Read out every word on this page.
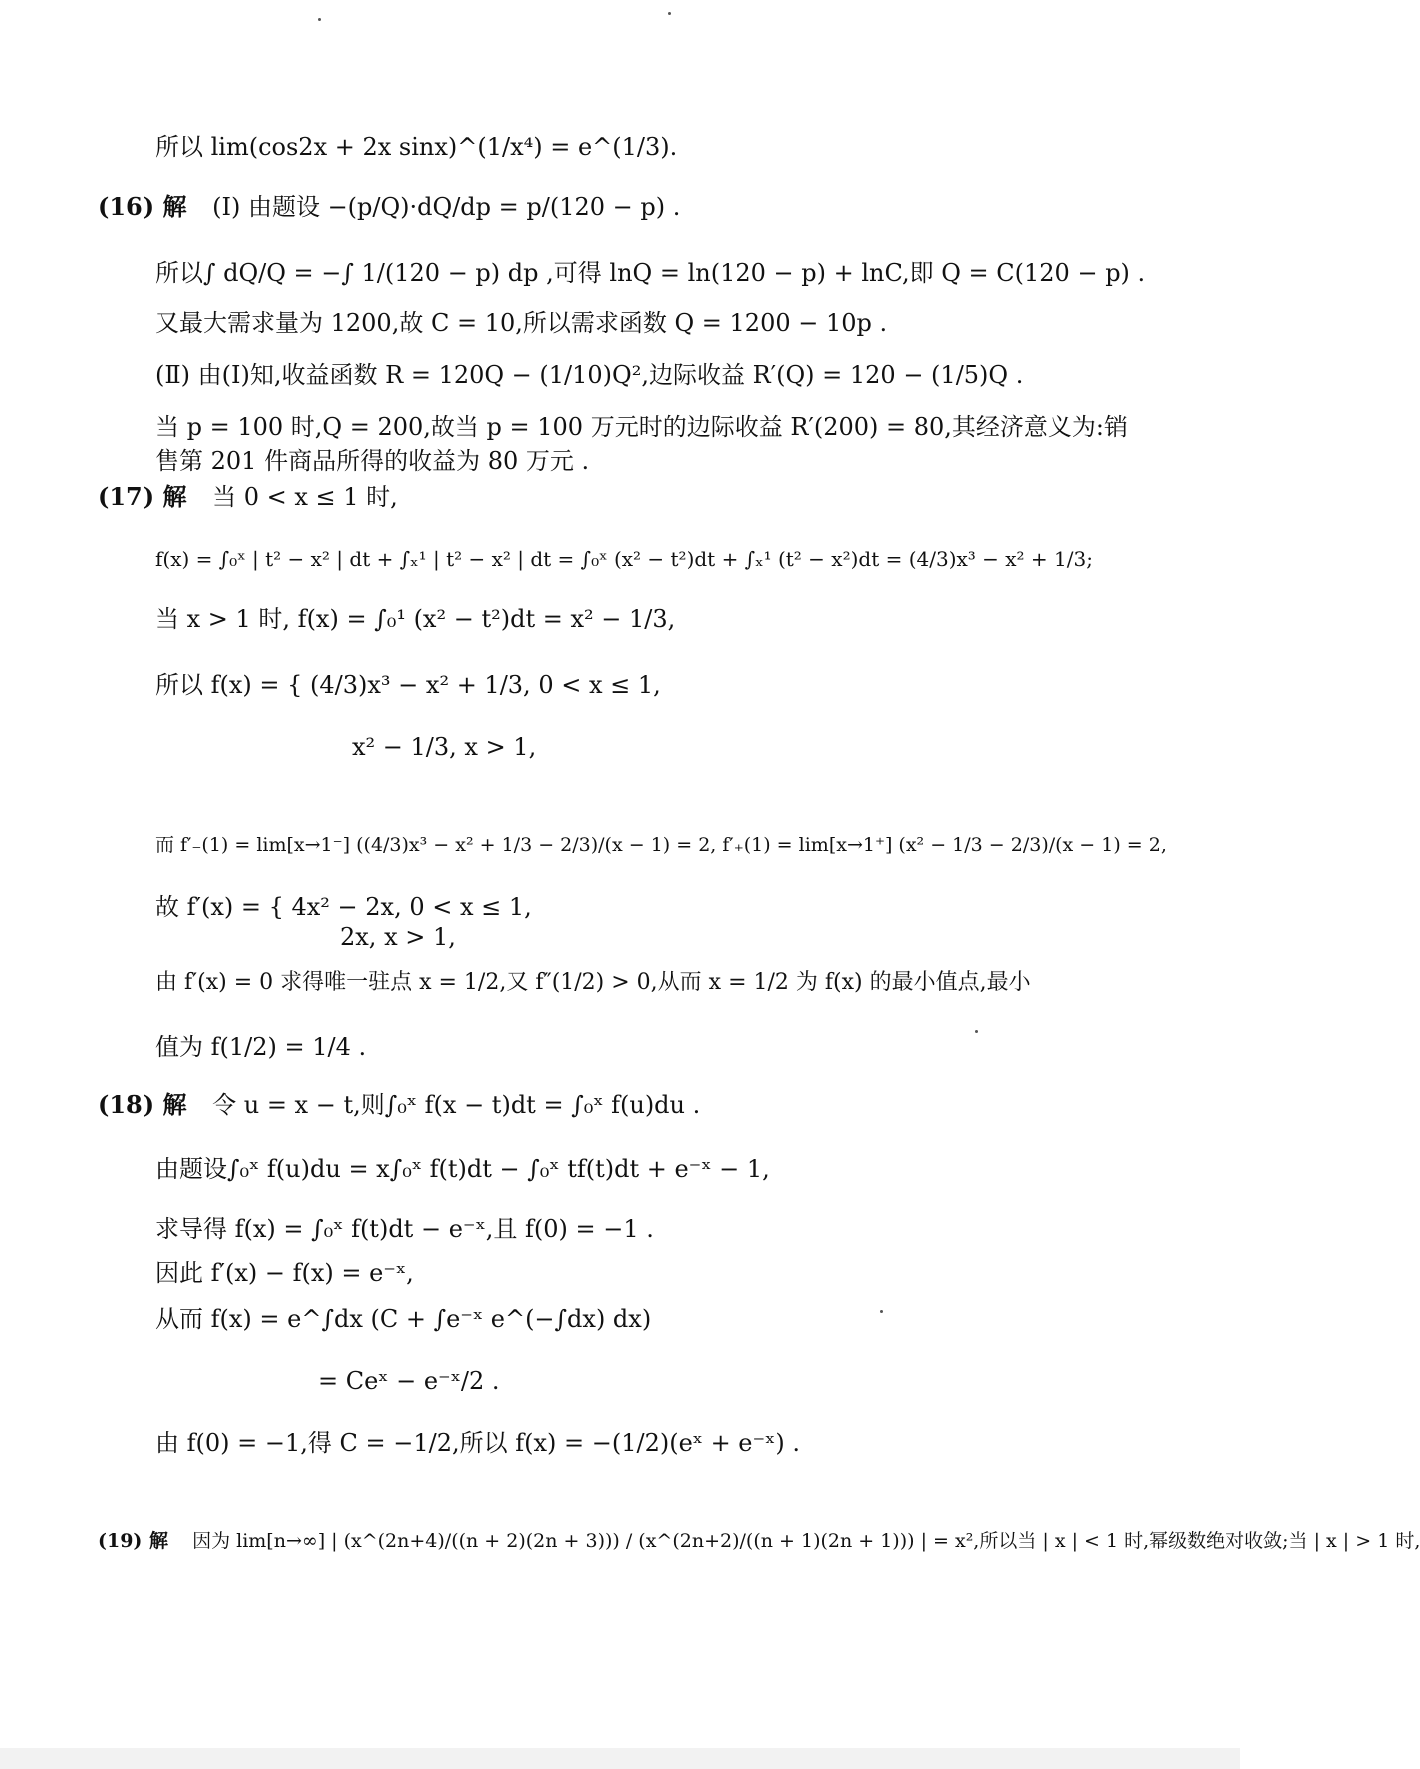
所以 lim(cos2x + 2x sinx)^(1/x⁴) = e^(1/3).
(16) 解 (Ⅰ) 由题设 −(p/Q)·dQ/dp = p/(120 − p) .
所以∫ dQ/Q = −∫ 1/(120 − p) dp ,可得 lnQ = ln(120 − p) + lnC,即 Q = C(120 − p) .
又最大需求量为 1200,故 C = 10,所以需求函数 Q = 1200 − 10p .
(Ⅱ) 由(Ⅰ)知,收益函数 R = 120Q − (1/10)Q²,边际收益 R′(Q) = 120 − (1/5)Q .
当 p = 100 时,Q = 200,故当 p = 100 万元时的边际收益 R′(200) = 80,其经济意义为:销
售第 201 件商品所得的收益为 80 万元 .
(17) 解 当 0 < x ≤ 1 时,
f(x) = ∫₀ˣ | t² − x² | dt + ∫ₓ¹ | t² − x² | dt = ∫₀ˣ (x² − t²)dt + ∫ₓ¹ (t² − x²)dt = (4/3)x³ − x² + 1/3;
当 x > 1 时, f(x) = ∫₀¹ (x² − t²)dt = x² − 1/3,
所以 f(x) = { (4/3)x³ − x² + 1/3, 0 < x ≤ 1,
x² − 1/3, x > 1,
而 f′₋(1) = lim[x→1⁻] ((4/3)x³ − x² + 1/3 − 2/3)/(x − 1) = 2, f′₊(1) = lim[x→1⁺] (x² − 1/3 − 2/3)/(x − 1) = 2,
故 f′(x) = { 4x² − 2x, 0 < x ≤ 1,
2x, x > 1,
由 f′(x) = 0 求得唯一驻点 x = 1/2,又 f″(1/2) > 0,从而 x = 1/2 为 f(x) 的最小值点,最小
值为 f(1/2) = 1/4 .
(18) 解 令 u = x − t,则∫₀ˣ f(x − t)dt = ∫₀ˣ f(u)du .
由题设∫₀ˣ f(u)du = x∫₀ˣ f(t)dt − ∫₀ˣ tf(t)dt + e⁻ˣ − 1,
求导得 f(x) = ∫₀ˣ f(t)dt − e⁻ˣ,且 f(0) = −1 .
因此 f′(x) − f(x) = e⁻ˣ,
从而 f(x) = e^∫dx (C + ∫e⁻ˣ e^(−∫dx) dx)
= Ceˣ − e⁻ˣ/2 .
由 f(0) = −1,得 C = −1/2,所以 f(x) = −(1/2)(eˣ + e⁻ˣ) .
(19) 解 因为 lim[n→∞] | (x^(2n+4)/((n + 2)(2n + 3))) / (x^(2n+2)/((n + 1)(2n + 1))) | = x²,所以当 | x | < 1 时,幂级数绝对收敛;当 | x | > 1 时,
